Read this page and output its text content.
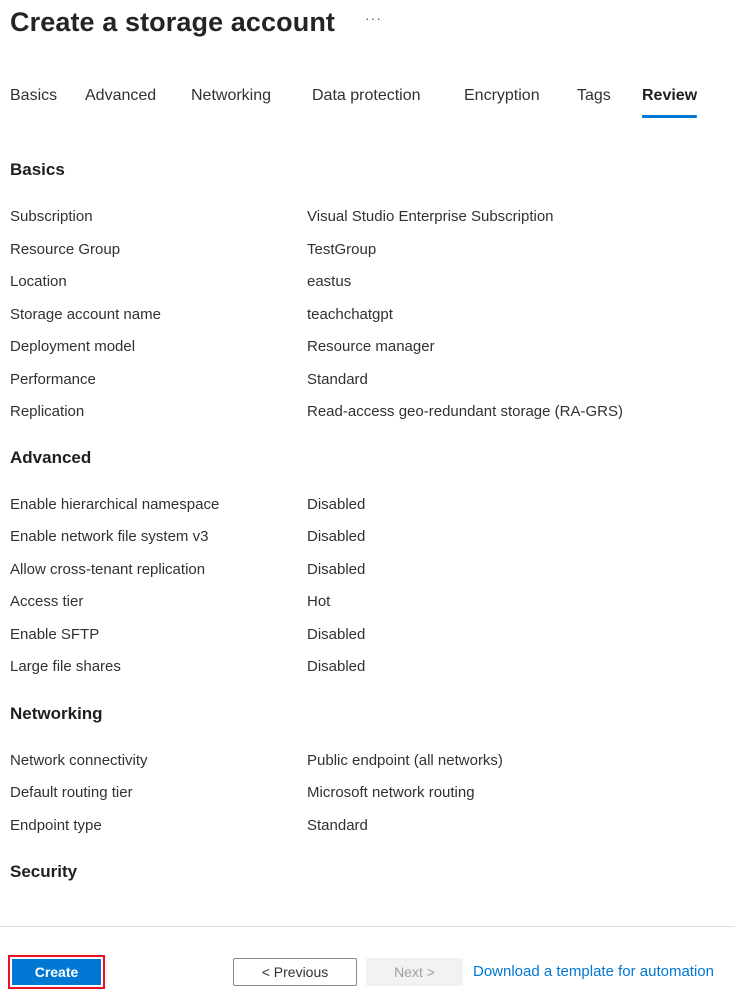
Create a storage account ···
Basics Advanced Networking	Data protection	Encryption Tags Review
Basics
Subscription	Visual Studio Enterprise Subscription
Resource Group	TestGroup
Location	eastus
Storage account name	teachchatgpt
Deployment model	Resource manager
Performance	Standard
Replication	Read-access geo-redundant storage (RA-GRS)
Advanced
Enable hierarchical namespace	Disabled
Enable network file system v3	Disabled
Allow cross-tenant replication	Disabled
Access tier	Hot
Enable SFTP	Disabled
Large file shares	Disabled
Networking
Network connectivity	Public endpoint (all networks)
Default routing tier	Microsoft network routing
Endpoint type	Standard
Security
Create	< Previous	Next >	Download a template for automation
